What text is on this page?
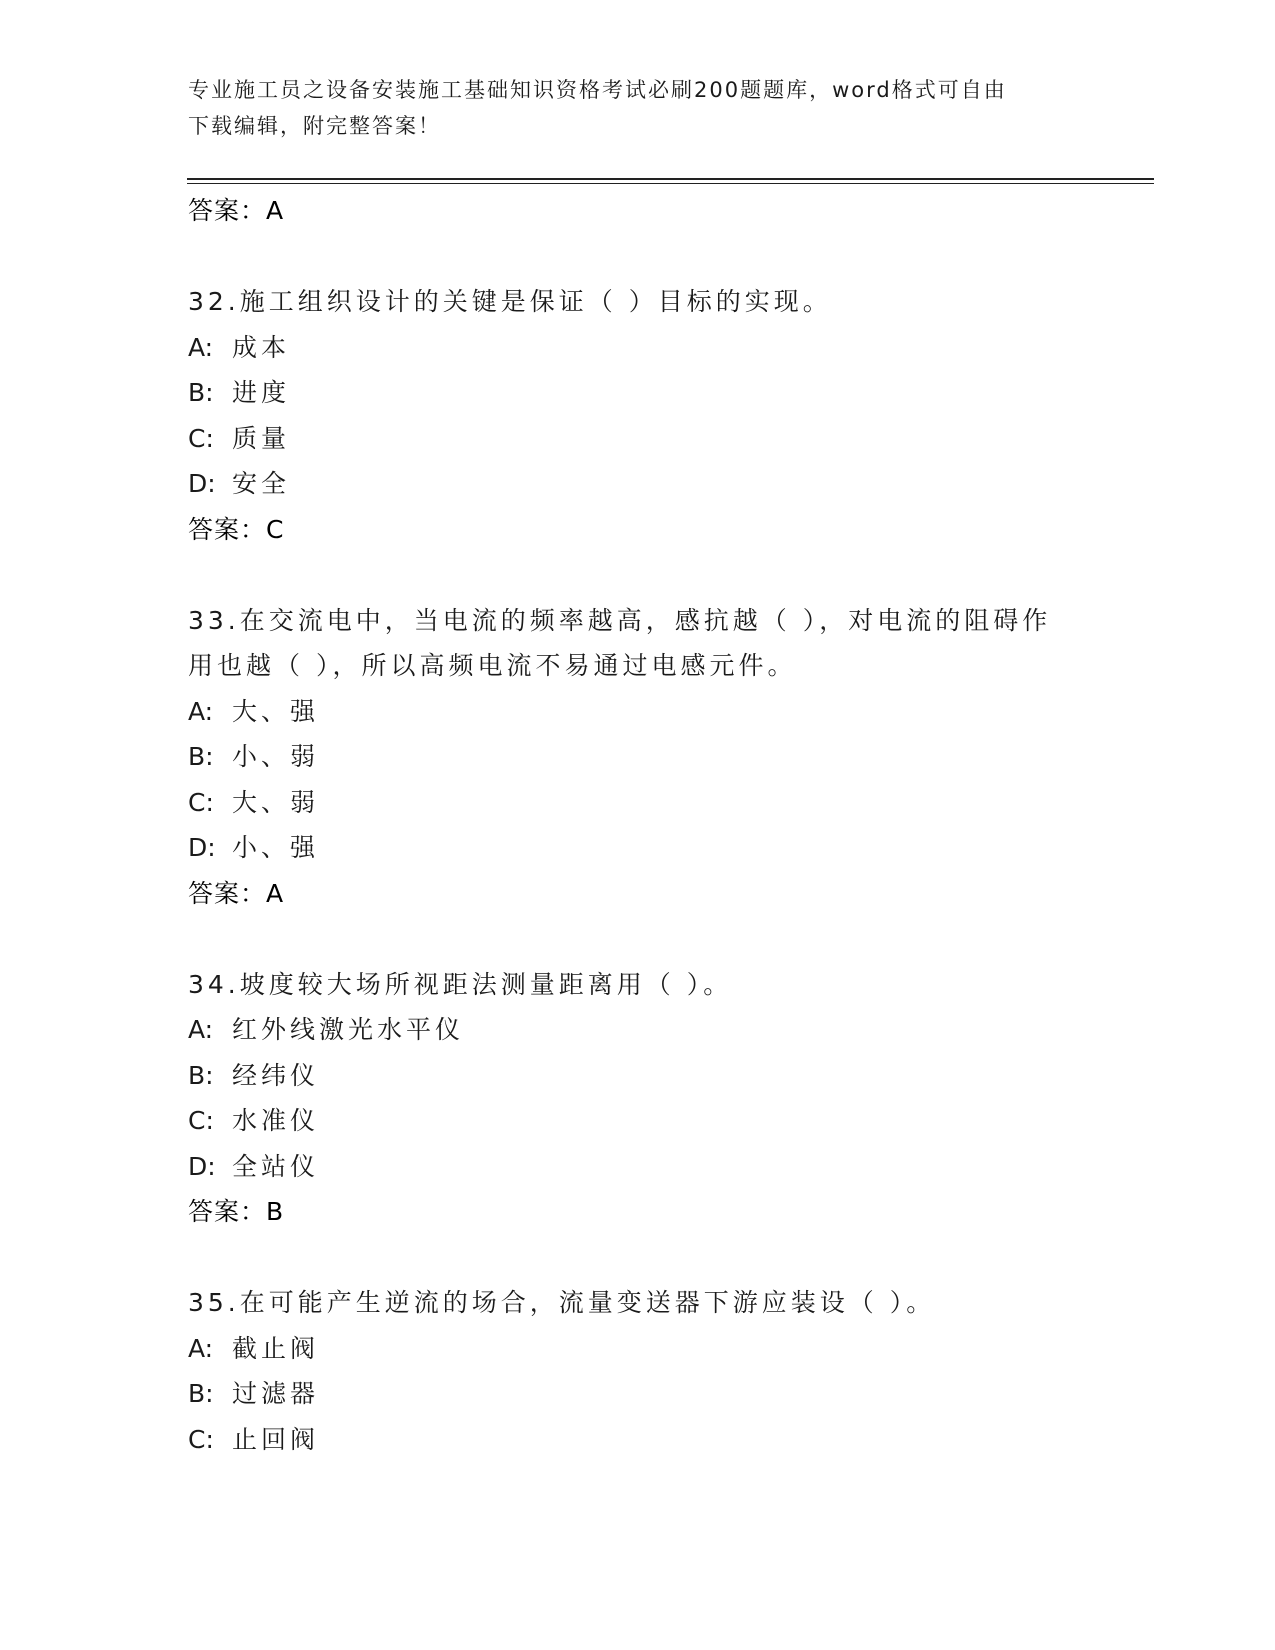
专业施工员之设备安装施工基础知识资格考试必刷200题题库，word格式可自由
下载编辑，附完整答案！
答案：A
32.施工组织设计的关键是保证（ ）目标的实现。
A: 成本
B: 进度
C: 质量
D: 安全
答案：C
33.在交流电中，当电流的频率越高，感抗越（ ），对电流的阻碍作
用也越（ ），所以高频电流不易通过电感元件。
A: 大、强
B: 小、弱
C: 大、弱
D: 小、强
答案：A
34.坡度较大场所视距法测量距离用（ ）。
A: 红外线激光水平仪
B: 经纬仪
C: 水准仪
D: 全站仪
答案：B
35.在可能产生逆流的场合，流量变送器下游应装设（ ）。
A: 截止阀
B: 过滤器
C: 止回阀
